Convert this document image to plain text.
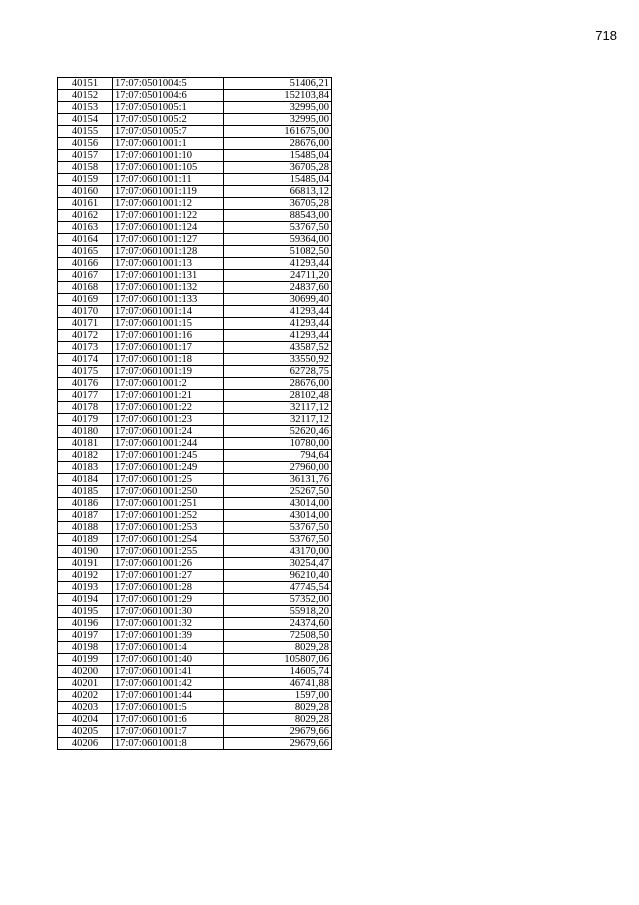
718
40151	17:07:0501004:5	51406,21
40152	17:07:0501004:6	152103,84
40153	17:07:0501005:1	32995,00
40154	17:07:0501005:2	32995,00
40155	17:07:0501005:7	161675,00
40156	17:07:0601001:1	28676,00
40157	17:07:0601001:10	15485,04
40158	17:07:0601001:105	36705,28
40159	17:07:0601001:11	15485,04
40160	17:07:0601001:119	66813,12
40161	17:07:0601001:12	36705,28
40162	17:07:0601001:122	88543,00
40163	17:07:0601001:124	53767,50
40164	17:07:0601001:127	59364,00
40165	17:07:0601001:128	51082,50
40166	17:07:0601001:13	41293,44
40167	17:07:0601001:131	24711,20
40168	17:07:0601001:132	24837,60
40169	17:07:0601001:133	30699,40
40170	17:07:0601001:14	41293,44
40171	17:07:0601001:15	41293,44
40172	17:07:0601001:16	41293,44
40173	17:07:0601001:17	43587,52
40174	17:07:0601001:18	33550,92
40175	17:07:0601001:19	62728,75
40176	17:07:0601001:2	28676,00
40177	17:07:0601001:21	28102,48
40178	17:07:0601001:22	32117,12
40179	17:07:0601001:23	32117,12
40180	17:07:0601001:24	52620,46
40181	17:07:0601001:244	10780,00
40182	17:07:0601001:245	794,64
40183	17:07:0601001:249	27960,00
40184	17:07:0601001:25	36131,76
40185	17:07:0601001:250	25267,50
40186	17:07:0601001:251	43014,00
40187	17:07:0601001:252	43014,00
40188	17:07:0601001:253	53767,50
40189	17:07:0601001:254	53767,50
40190	17:07:0601001:255	43170,00
40191	17:07:0601001:26	30254,47
40192	17:07:0601001:27	96210,40
40193	17:07:0601001:28	47745,54
40194	17:07:0601001:29	57352,00
40195	17:07:0601001:30	55918,20
40196	17:07:0601001:32	24374,60
40197	17:07:0601001:39	72508,50
40198	17:07:0601001:4	8029,28
40199	17:07:0601001:40	105807,06
40200	17:07:0601001:41	14605,74
40201	17:07:0601001:42	46741,88
40202	17:07:0601001:44	1597,00
40203	17:07:0601001:5	8029,28
40204	17:07:0601001:6	8029,28
40205	17:07:0601001:7	29679,66
40206	17:07:0601001:8	29679,66
